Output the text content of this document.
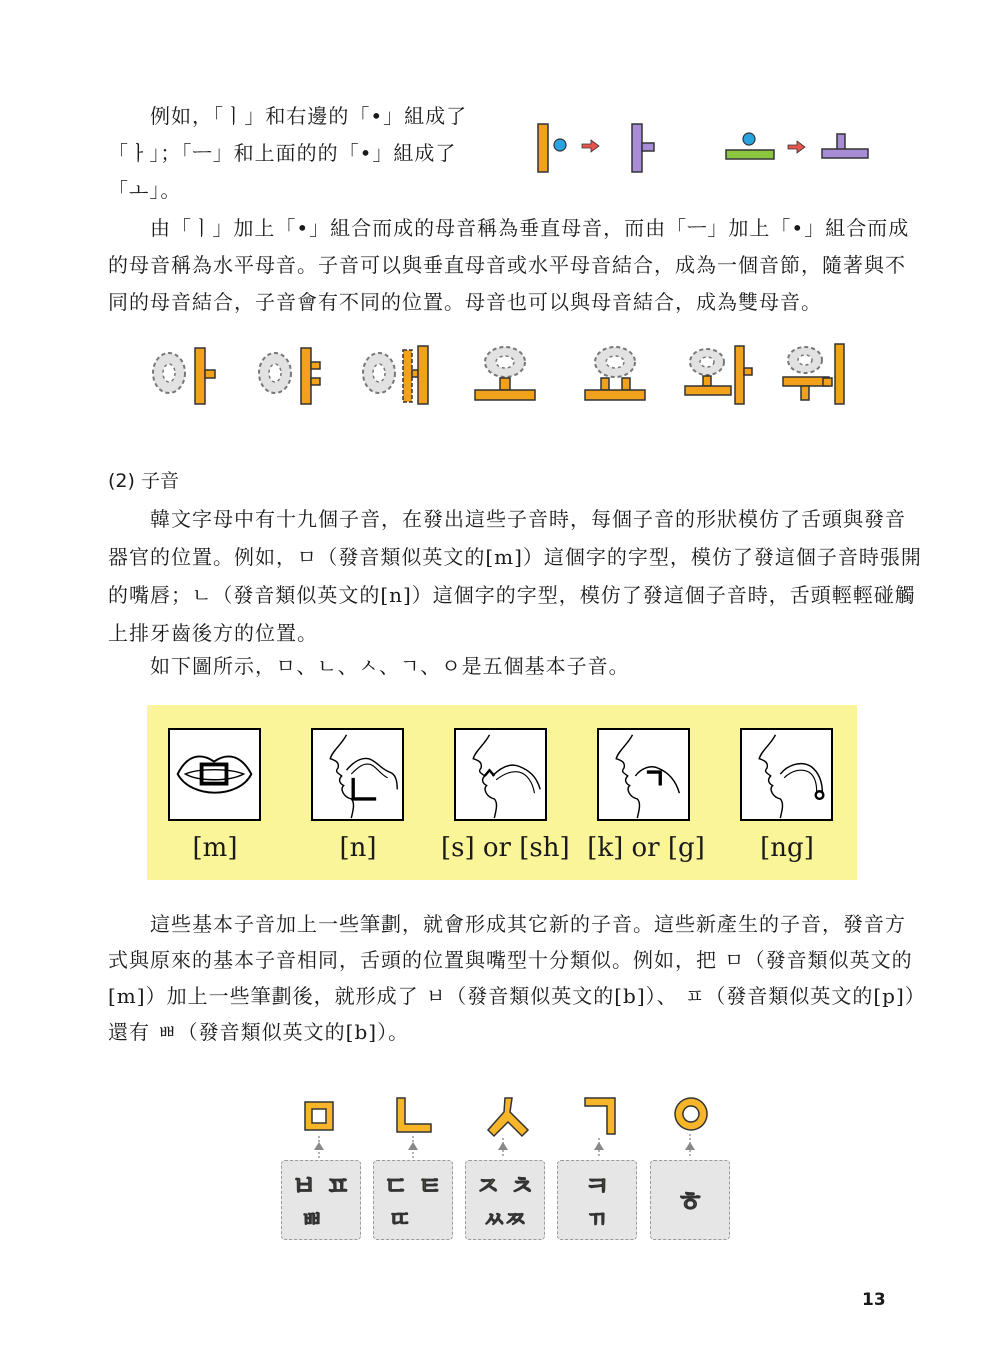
例如，「ㅣ」和右邊的「•」組成了
「ㅏ」；「ㅡ」和上面的的「•」組成了
「ㅗ」。
由「ㅣ」加上「•」組合而成的母音稱為垂直母音，而由「ㅡ」加上「•」組合而成
的母音稱為水平母音。子音可以與垂直母音或水平母音結合，成為一個音節，隨著與不
同的母音結合，子音會有不同的位置。母音也可以與母音結合，成為雙母音。
아	야	애	와
(2) 子音
韓文字母中有十九個子音，在發出這些子音時，每個子音的形狀模仿了舌頭與發音
器官的位置。例如，ㅁ（發音類似英文的[m]）這個字的字型，模仿了發這個子音時張開
的嘴唇；ㄴ（發音類似英文的[n]）這個字的字型，模仿了發這個子音時，舌頭輕輕碰觸
上排牙齒後方的位置。
如下圖所示，ㅁ、ㄴ、ㅅ、ㄱ、ㅇ是五個基本子音。
[m]	[n]	[s] or [sh] [k] or [g]	[ng]
這些基本子音加上一些筆劃，就會形成其它新的子音。這些新產生的子音，發音方
式與原來的基本子音相同，舌頭的位置與嘴型十分類似。例如，把 ㅁ（發音類似英文的
[m]）加上一些筆劃後，就形成了 ㅂ（發音類似英文的[b]）、 ㅍ（發音類似英文的[p]）
還有 ㅃ（發音類似英文的[b]）。
ㅂ ㅍ
ㅃ
ㄷ ㅌ
ㄸ
ㅈ ㅊ
ㅆㅉ
ㅋ
ㄲ
ㅎ
13
